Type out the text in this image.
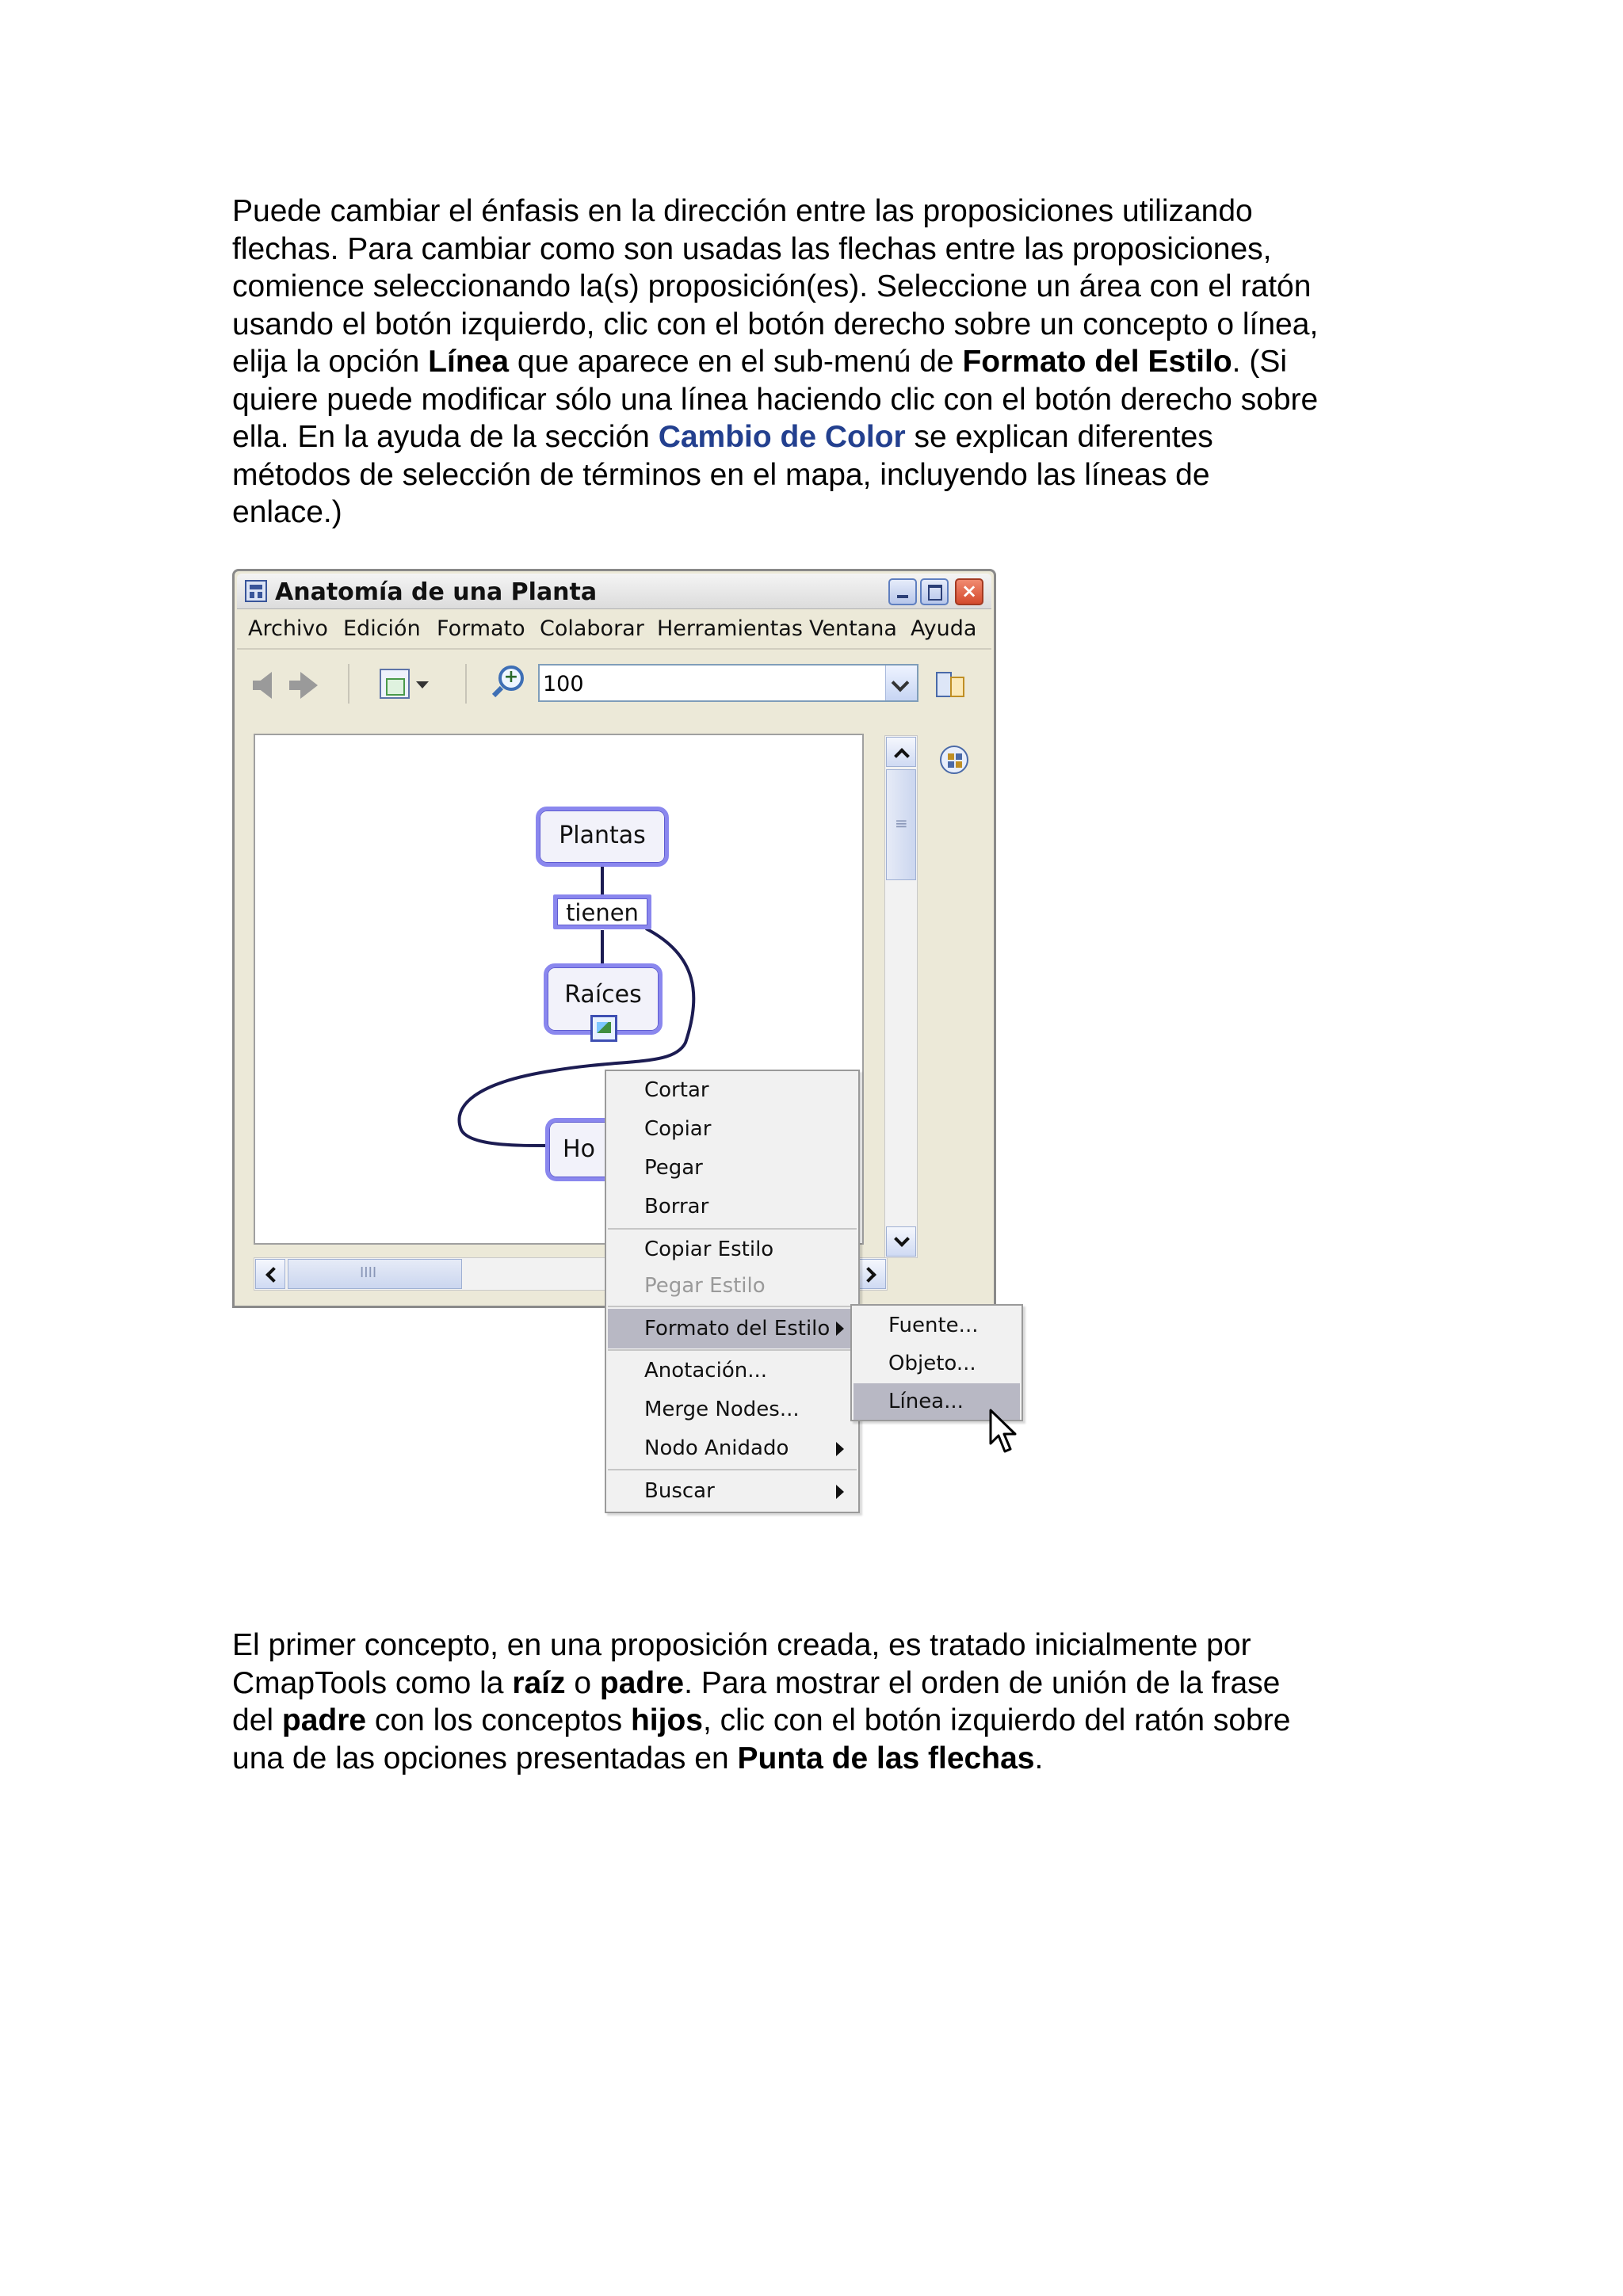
Puede cambiar el énfasis en la dirección entre las proposiciones utilizando
flechas. Para cambiar como son usadas las flechas entre las proposiciones,
comience seleccionando la(s) proposición(es). Seleccione un área con el ratón
usando el botón izquierdo, clic con el botón derecho sobre un concepto o línea,
elija la opción Línea que aparece en el sub-menú de Formato del Estilo. (Si
quiere puede modificar sólo una línea haciendo clic con el botón derecho sobre
ella. En la ayuda de la sección Cambio de Color se explican diferentes
métodos de selección de términos en el mapa, incluyendo las líneas de
enlace.)
Anatomía de una Planta	×
Archivo Edición Formato Colaborar Herramientas Ventana Ayuda
+ 100
Plantas
tienen
Raíces
Ho
≡
IIII
Cortar
Copiar
Pegar
Borrar
Copiar Estilo
Pegar Estilo
Formato del Estilo
Anotación...
Merge Nodes...
Nodo Anidado
Buscar
Fuente...
Objeto...
Línea...
El primer concepto, en una proposición creada, es tratado inicialmente por
CmapTools como la raíz o padre. Para mostrar el orden de unión de la frase
del padre con los conceptos hijos, clic con el botón izquierdo del ratón sobre
una de las opciones presentadas en Punta de las flechas.
